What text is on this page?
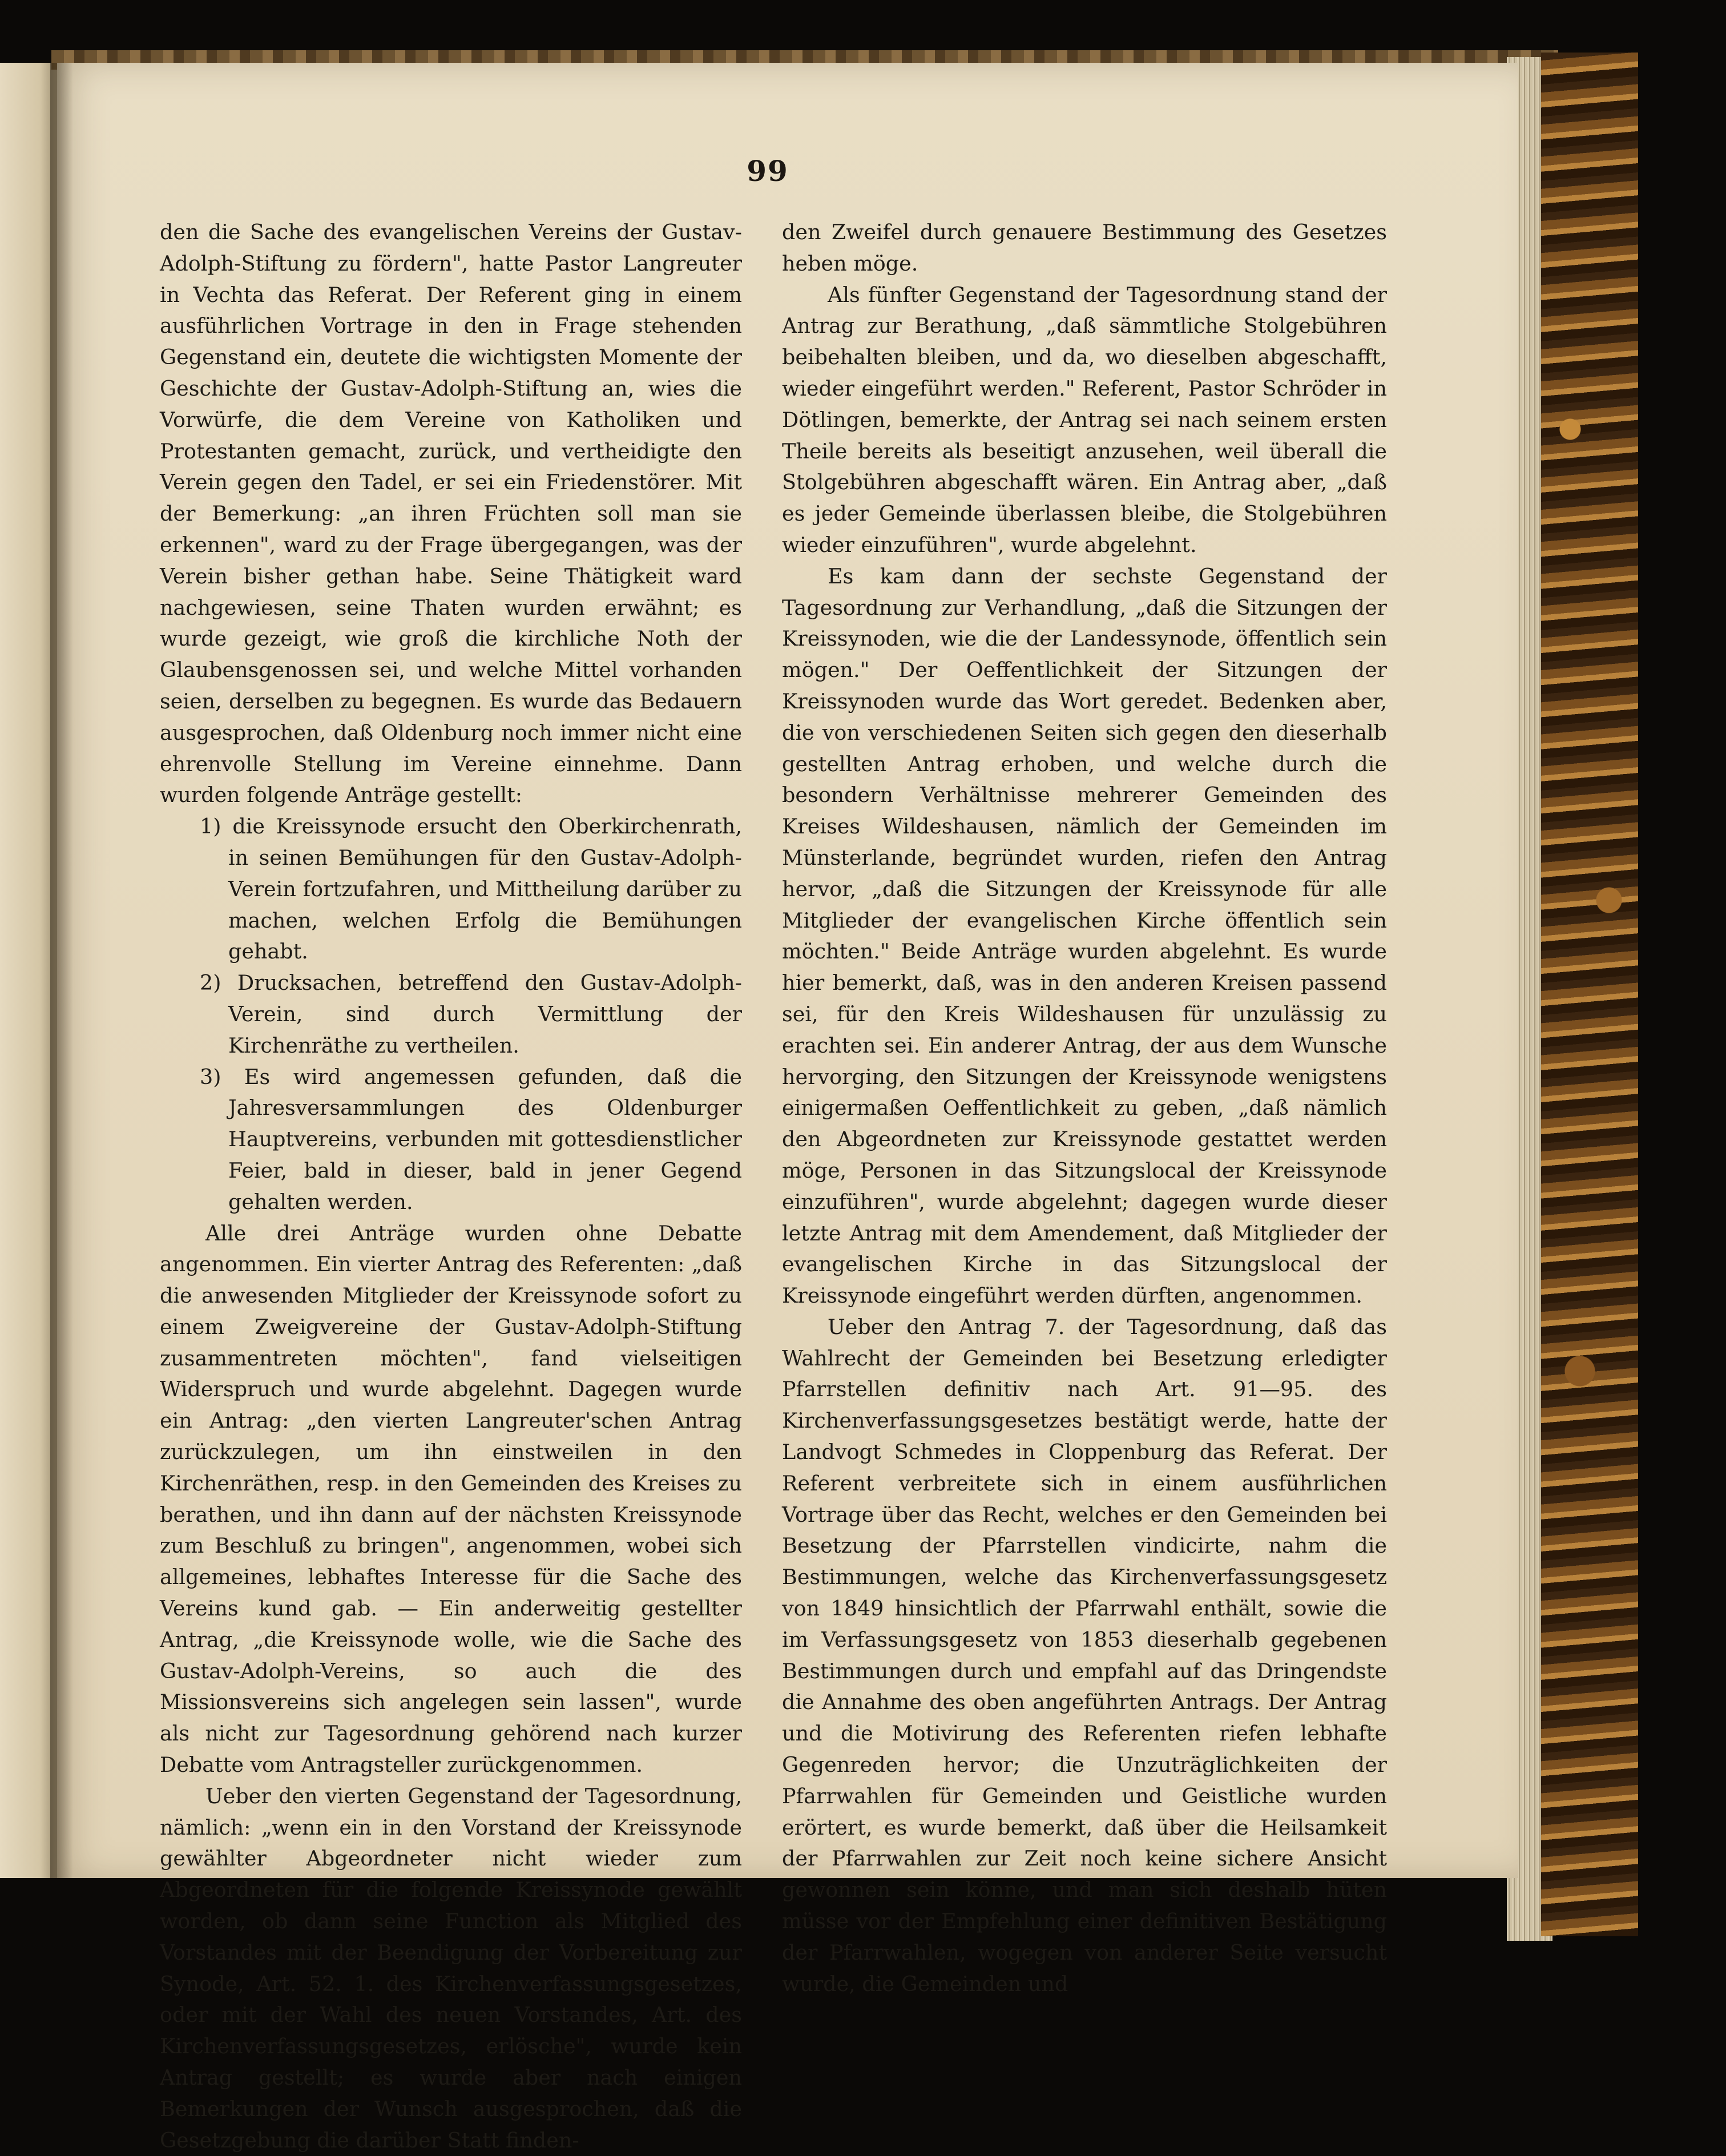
99

den die Sache des evangelischen Vereins der Gustav-Adolph-Stiftung zu fördern", hatte Pastor Langreuter in Vechta das Referat. Der Referent ging in einem ausführlichen Vortrage in den in Frage stehenden Gegenstand ein, deutete die wichtigsten Momente der Geschichte der Gustav-Adolph-Stiftung an, wies die Vorwürfe, die dem Vereine von Katholiken und Protestanten gemacht, zurück, und vertheidigte den Verein gegen den Tadel, er sei ein Friedenstörer. Mit der Bemerkung: „an ihren Früchten soll man sie erkennen", ward zu der Frage übergegangen, was der Verein bisher gethan habe. Seine Thätigkeit ward nachgewiesen, seine Thaten wurden erwähnt; es wurde gezeigt, wie groß die kirchliche Noth der Glaubensgenossen sei, und welche Mittel vorhanden seien, derselben zu begegnen. Es wurde das Bedauern ausgesprochen, daß Oldenburg noch immer nicht eine ehrenvolle Stellung im Vereine einnehme. Dann wurden folgende Anträge gestellt:

1) die Kreissynode ersucht den Oberkirchenrath, in seinen Bemühungen für den Gustav-Adolph-Verein fortzufahren, und Mittheilung darüber zu machen, welchen Erfolg die Bemühungen gehabt.

2) Drucksachen, betreffend den Gustav-Adolph-Verein, sind durch Vermittlung der Kirchenräthe zu vertheilen.

3) Es wird angemessen gefunden, daß die Jahresversammlungen des Oldenburger Hauptvereins, verbunden mit gottesdienstlicher Feier, bald in dieser, bald in jener Gegend gehalten werden.

Alle drei Anträge wurden ohne Debatte angenommen. Ein vierter Antrag des Referenten: „daß die anwesenden Mitglieder der Kreissynode sofort zu einem Zweigvereine der Gustav-Adolph-Stiftung zusammentreten möchten", fand vielseitigen Widerspruch und wurde abgelehnt. Dagegen wurde ein Antrag: „den vierten Langreuter'schen Antrag zurückzulegen, um ihn einstweilen in den Kirchenräthen, resp. in den Gemeinden des Kreises zu berathen, und ihn dann auf der nächsten Kreissynode zum Beschluß zu bringen", angenommen, wobei sich allgemeines, lebhaftes Interesse für die Sache des Vereins kund gab. — Ein anderweitig gestellter Antrag, „die Kreissynode wolle, wie die Sache des Gustav-Adolph-Vereins, so auch die des Missionsvereins sich angelegen sein lassen", wurde als nicht zur Tagesordnung gehörend nach kurzer Debatte vom Antragsteller zurückgenommen.

Ueber den vierten Gegenstand der Tagesordnung, nämlich: „wenn ein in den Vorstand der Kreissynode gewählter Abgeordneter nicht wieder zum Abgeordneten für die folgende Kreissynode gewählt worden, ob dann seine Function als Mitglied des Vorstandes mit der Beendigung der Vorbereitung zur Synode, Art. 52. 1. des Kirchenverfassungsgesetzes, oder mit der Wahl des neuen Vorstandes, Art. des Kirchenverfassungsgesetzes, erlösche", wurde kein Antrag gestellt; es wurde aber nach einigen Bemerkungen der Wunsch ausgesprochen, daß die Gesetzgebung die darüber Statt finden-

den Zweifel durch genauere Bestimmung des Gesetzes heben möge.

Als fünfter Gegenstand der Tagesordnung stand der Antrag zur Berathung, „daß sämmtliche Stolgebühren beibehalten bleiben, und da, wo dieselben abgeschafft, wieder eingeführt werden." Referent, Pastor Schröder in Dötlingen, bemerkte, der Antrag sei nach seinem ersten Theile bereits als beseitigt anzusehen, weil überall die Stolgebühren abgeschafft wären. Ein Antrag aber, „daß es jeder Gemeinde überlassen bleibe, die Stolgebühren wieder einzuführen", wurde abgelehnt.

Es kam dann der sechste Gegenstand der Tagesordnung zur Verhandlung, „daß die Sitzungen der Kreissynoden, wie die der Landessynode, öffentlich sein mögen." Der Oeffentlichkeit der Sitzungen der Kreissynoden wurde das Wort geredet. Bedenken aber, die von verschiedenen Seiten sich gegen den dieserhalb gestellten Antrag erhoben, und welche durch die besondern Verhältnisse mehrerer Gemeinden des Kreises Wildeshausen, nämlich der Gemeinden im Münsterlande, begründet wurden, riefen den Antrag hervor, „daß die Sitzungen der Kreissynode für alle Mitglieder der evangelischen Kirche öffentlich sein möchten." Beide Anträge wurden abgelehnt. Es wurde hier bemerkt, daß, was in den anderen Kreisen passend sei, für den Kreis Wildeshausen für unzulässig zu erachten sei. Ein anderer Antrag, der aus dem Wunsche hervorging, den Sitzungen der Kreissynode wenigstens einigermaßen Oeffentlichkeit zu geben, „daß nämlich den Abgeordneten zur Kreissynode gestattet werden möge, Personen in das Sitzungslocal der Kreissynode einzuführen", wurde abgelehnt; dagegen wurde dieser letzte Antrag mit dem Amendement, daß Mitglieder der evangelischen Kirche in das Sitzungslocal der Kreissynode eingeführt werden dürften, angenommen.

Ueber den Antrag 7. der Tagesordnung, daß das Wahlrecht der Gemeinden bei Besetzung erledigter Pfarrstellen definitiv nach Art. 91—95. des Kirchenverfassungsgesetzes bestätigt werde, hatte der Landvogt Schmedes in Cloppenburg das Referat. Der Referent verbreitete sich in einem ausführlichen Vortrage über das Recht, welches er den Gemeinden bei Besetzung der Pfarrstellen vindicirte, nahm die Bestimmungen, welche das Kirchenverfassungsgesetz von 1849 hinsichtlich der Pfarrwahl enthält, sowie die im Verfassungsgesetz von 1853 dieserhalb gegebenen Bestimmungen durch und empfahl auf das Dringendste die Annahme des oben angeführten Antrags. Der Antrag und die Motivirung des Referenten riefen lebhafte Gegenreden hervor; die Unzuträglichkeiten der Pfarrwahlen für Gemeinden und Geistliche wurden erörtert, es wurde bemerkt, daß über die Heilsamkeit der Pfarrwahlen zur Zeit noch keine sichere Ansicht gewonnen sein könne, und man sich deshalb hüten müsse vor der Empfehlung einer definitiven Bestätigung der Pfarrwahlen, wogegen von anderer Seite versucht wurde, die Gemeinden und
